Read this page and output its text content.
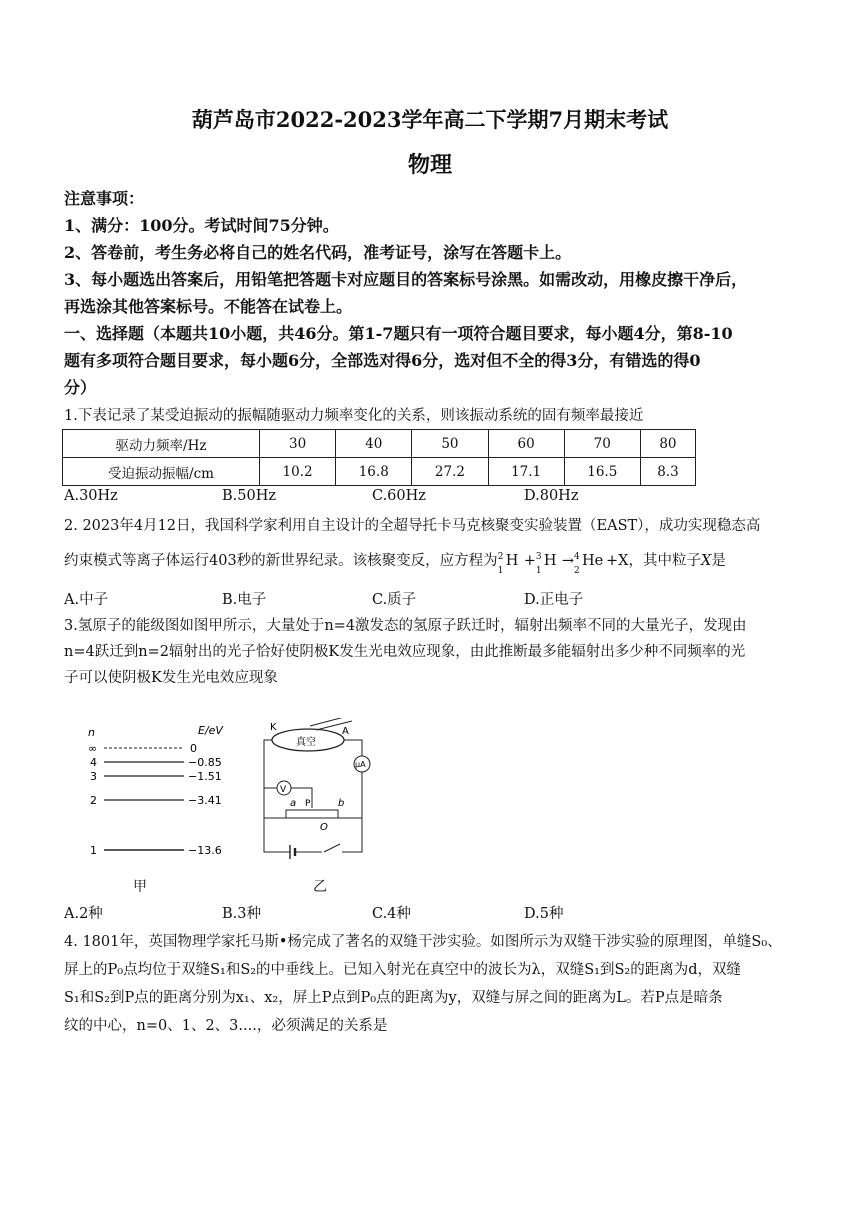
葫芦岛市2022-2023学年高二下学期7月期末考试
物理
注意事项：
1、满分：100分。考试时间75分钟。
2、答卷前，考生务必将自己的姓名代码，准考证号，涂写在答题卡上。
3、每小题选出答案后，用铅笔把答题卡对应题目的答案标号涂黑。如需改动，用橡皮擦干净后，
再选涂其他答案标号。不能答在试卷上。
一、选择题（本题共10小题，共46分。第1-7题只有一项符合题目要求，每小题4分，第8-10
题有多项符合题目要求，每小题6分，全部选对得6分，选对但不全的得3分，有错选的得0
分）
1.下表记录了某受迫振动的振幅随驱动力频率变化的关系，则该振动系统的固有频率最接近
驱动力频率/Hz	30	40	50	60	70	80
受迫振动振幅/cm	10.2	16.8	27.2	17.1	16.5	8.3
A.30Hz	B.50Hz	C.60Hz	D.80Hz
2. 2023年4月12日，我国科学家利用自主设计的全超导托卡马克核聚变实验装置（EAST），成功实现稳态高
约束模式等离子体运行403秒的新世界纪录。该核聚变反，应方程为 2
1
H + 3
1
H → 4
2
He +X，其中粒子X是
A.中子	B.电子	C.质子	D.正电子
3.氢原子的能级图如图甲所示，大量处于n=4激发态的氢原子跃迁时，辐射出频率不同的大量光子，发现由
n=4跃迁到n=2辐射出的光子恰好使阴极K发生光电效应现象，由此推断最多能辐射出多少种不同频率的光
子可以使阴极K发生光电效应现象
n	E/eV
∞
4
3
2
1
0
−0.85
−1.51
−3.41
−13.6
K	A
真空
μA
V
a	b
P
O
甲	乙
A.2种	B.3种	C.4种	D.5种
4. 1801年，英国物理学家托马斯•杨完成了著名的双缝干涉实验。如图所示为双缝干涉实验的原理图，单缝S₀、
屏上的P₀点均位于双缝S₁和S₂的中垂线上。已知入射光在真空中的波长为λ，双缝S₁到S₂的距离为d，双缝
S₁和S₂到P点的距离分别为x₁、x₂，屏上P点到P₀点的距离为y，双缝与屏之间的距离为L。若P点是暗条
纹的中心，n=0、1、2、3....，必须满足的关系是
